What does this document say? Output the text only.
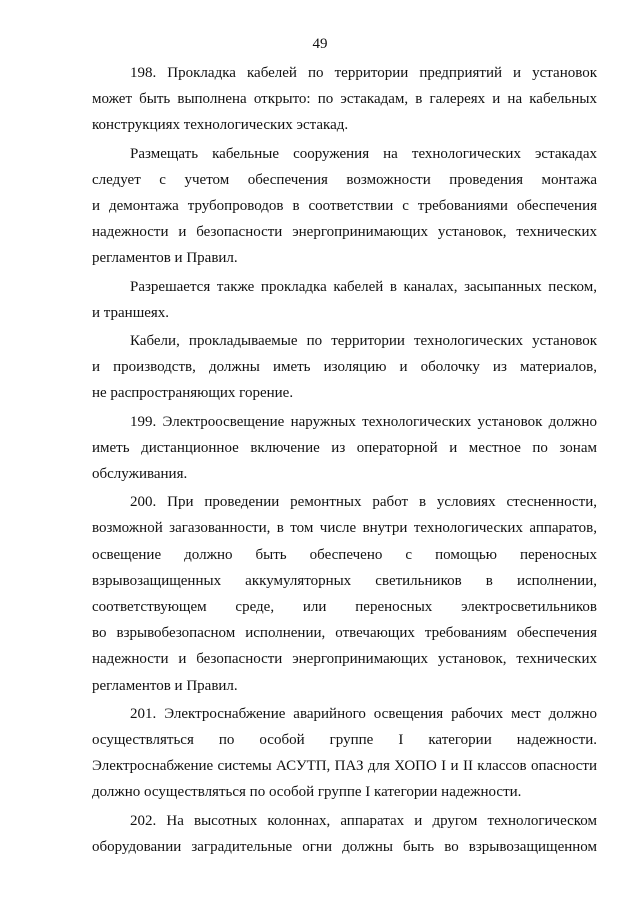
49
198. Прокладка кабелей по территории предприятий и установок
может быть выполнена открыто: по эстакадам, в галереях и на кабельных
конструкциях технологических эстакад.
Размещать кабельные сооружения на технологических эстакадах
следует с учетом обеспечения возможности проведения монтажа
и демонтажа трубопроводов в соответствии с требованиями обеспечения
надежности и безопасности энергопринимающих установок, технических
регламентов и Правил.
Разрешается также прокладка кабелей в каналах, засыпанных песком,
и траншеях.
Кабели, прокладываемые по территории технологических установок
и производств, должны иметь изоляцию и оболочку из материалов,
не распространяющих горение.
199. Электроосвещение наружных технологических установок должно
иметь дистанционное включение из операторной и местное по зонам
обслуживания.
200. При проведении ремонтных работ в условиях стесненности,
возможной загазованности, в том числе внутри технологических аппаратов,
освещение должно быть обеспечено с помощью переносных
взрывозащищенных аккумуляторных светильников в исполнении,
соответствующем среде, или переносных электросветильников
во взрывобезопасном исполнении, отвечающих требованиям обеспечения
надежности и безопасности энергопринимающих установок, технических
регламентов и Правил.
201. Электроснабжение аварийного освещения рабочих мест должно
осуществляться по особой группе I категории надежности.
Электроснабжение системы АСУТП, ПАЗ для ХОПО I и II классов опасности
должно осуществляться по особой группе I категории надежности.
202. На высотных колоннах, аппаратах и другом технологическом
оборудовании заградительные огни должны быть во взрывозащищенном
